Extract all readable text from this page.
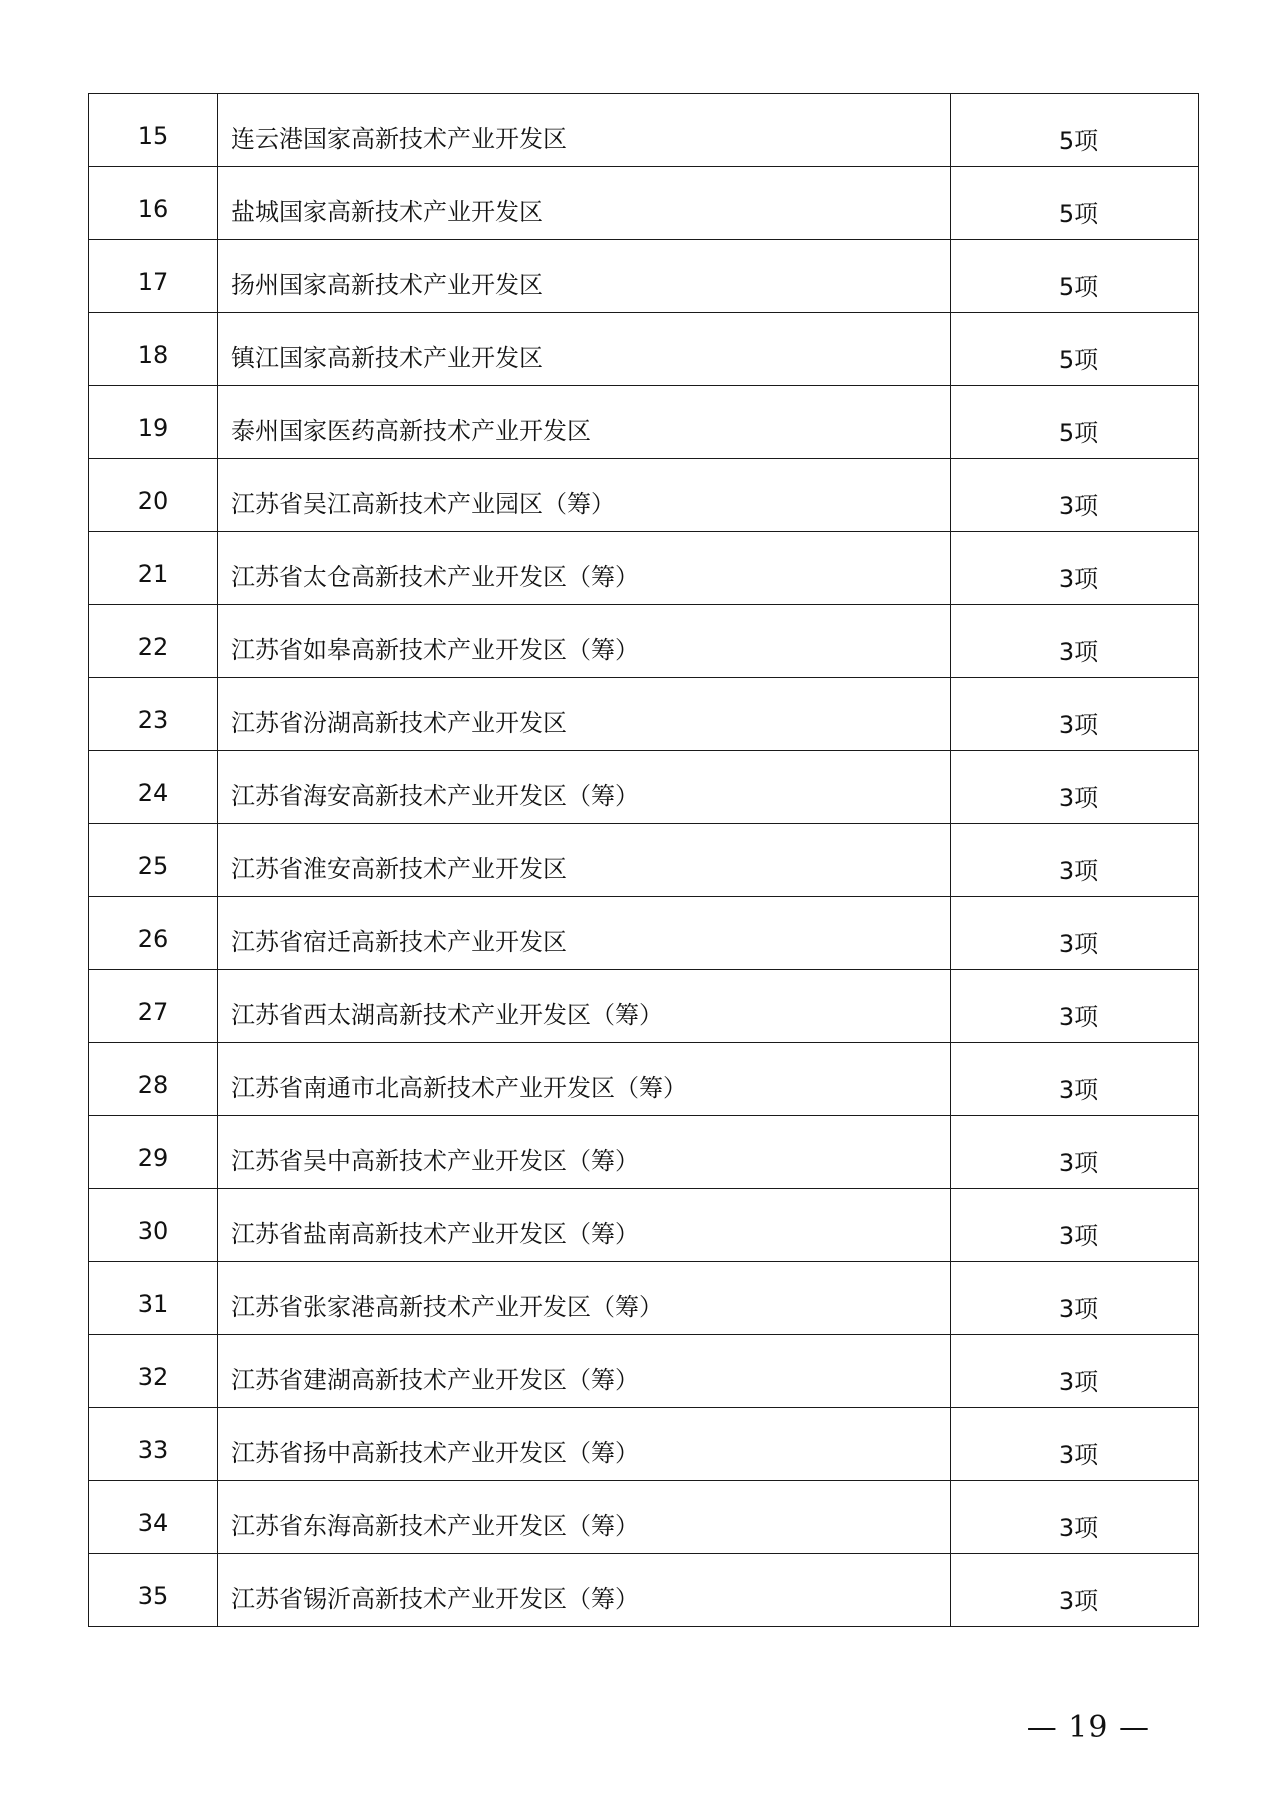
15	连云港国家高新技术产业开发区	5项
16	盐城国家高新技术产业开发区	5项
17	扬州国家高新技术产业开发区	5项
18	镇江国家高新技术产业开发区	5项
19	泰州国家医药高新技术产业开发区	5项
20	江苏省吴江高新技术产业园区（筹）	3项
21	江苏省太仓高新技术产业开发区（筹）	3项
22	江苏省如皋高新技术产业开发区（筹）	3项
23	江苏省汾湖高新技术产业开发区	3项
24	江苏省海安高新技术产业开发区（筹）	3项
25	江苏省淮安高新技术产业开发区	3项
26	江苏省宿迁高新技术产业开发区	3项
27	江苏省西太湖高新技术产业开发区（筹）	3项
28	江苏省南通市北高新技术产业开发区（筹）	3项
29	江苏省吴中高新技术产业开发区（筹）	3项
30	江苏省盐南高新技术产业开发区（筹）	3项
31	江苏省张家港高新技术产业开发区（筹）	3项
32	江苏省建湖高新技术产业开发区（筹）	3项
33	江苏省扬中高新技术产业开发区（筹）	3项
34	江苏省东海高新技术产业开发区（筹）	3项
35	江苏省锡沂高新技术产业开发区（筹）	3项
— 19 —
